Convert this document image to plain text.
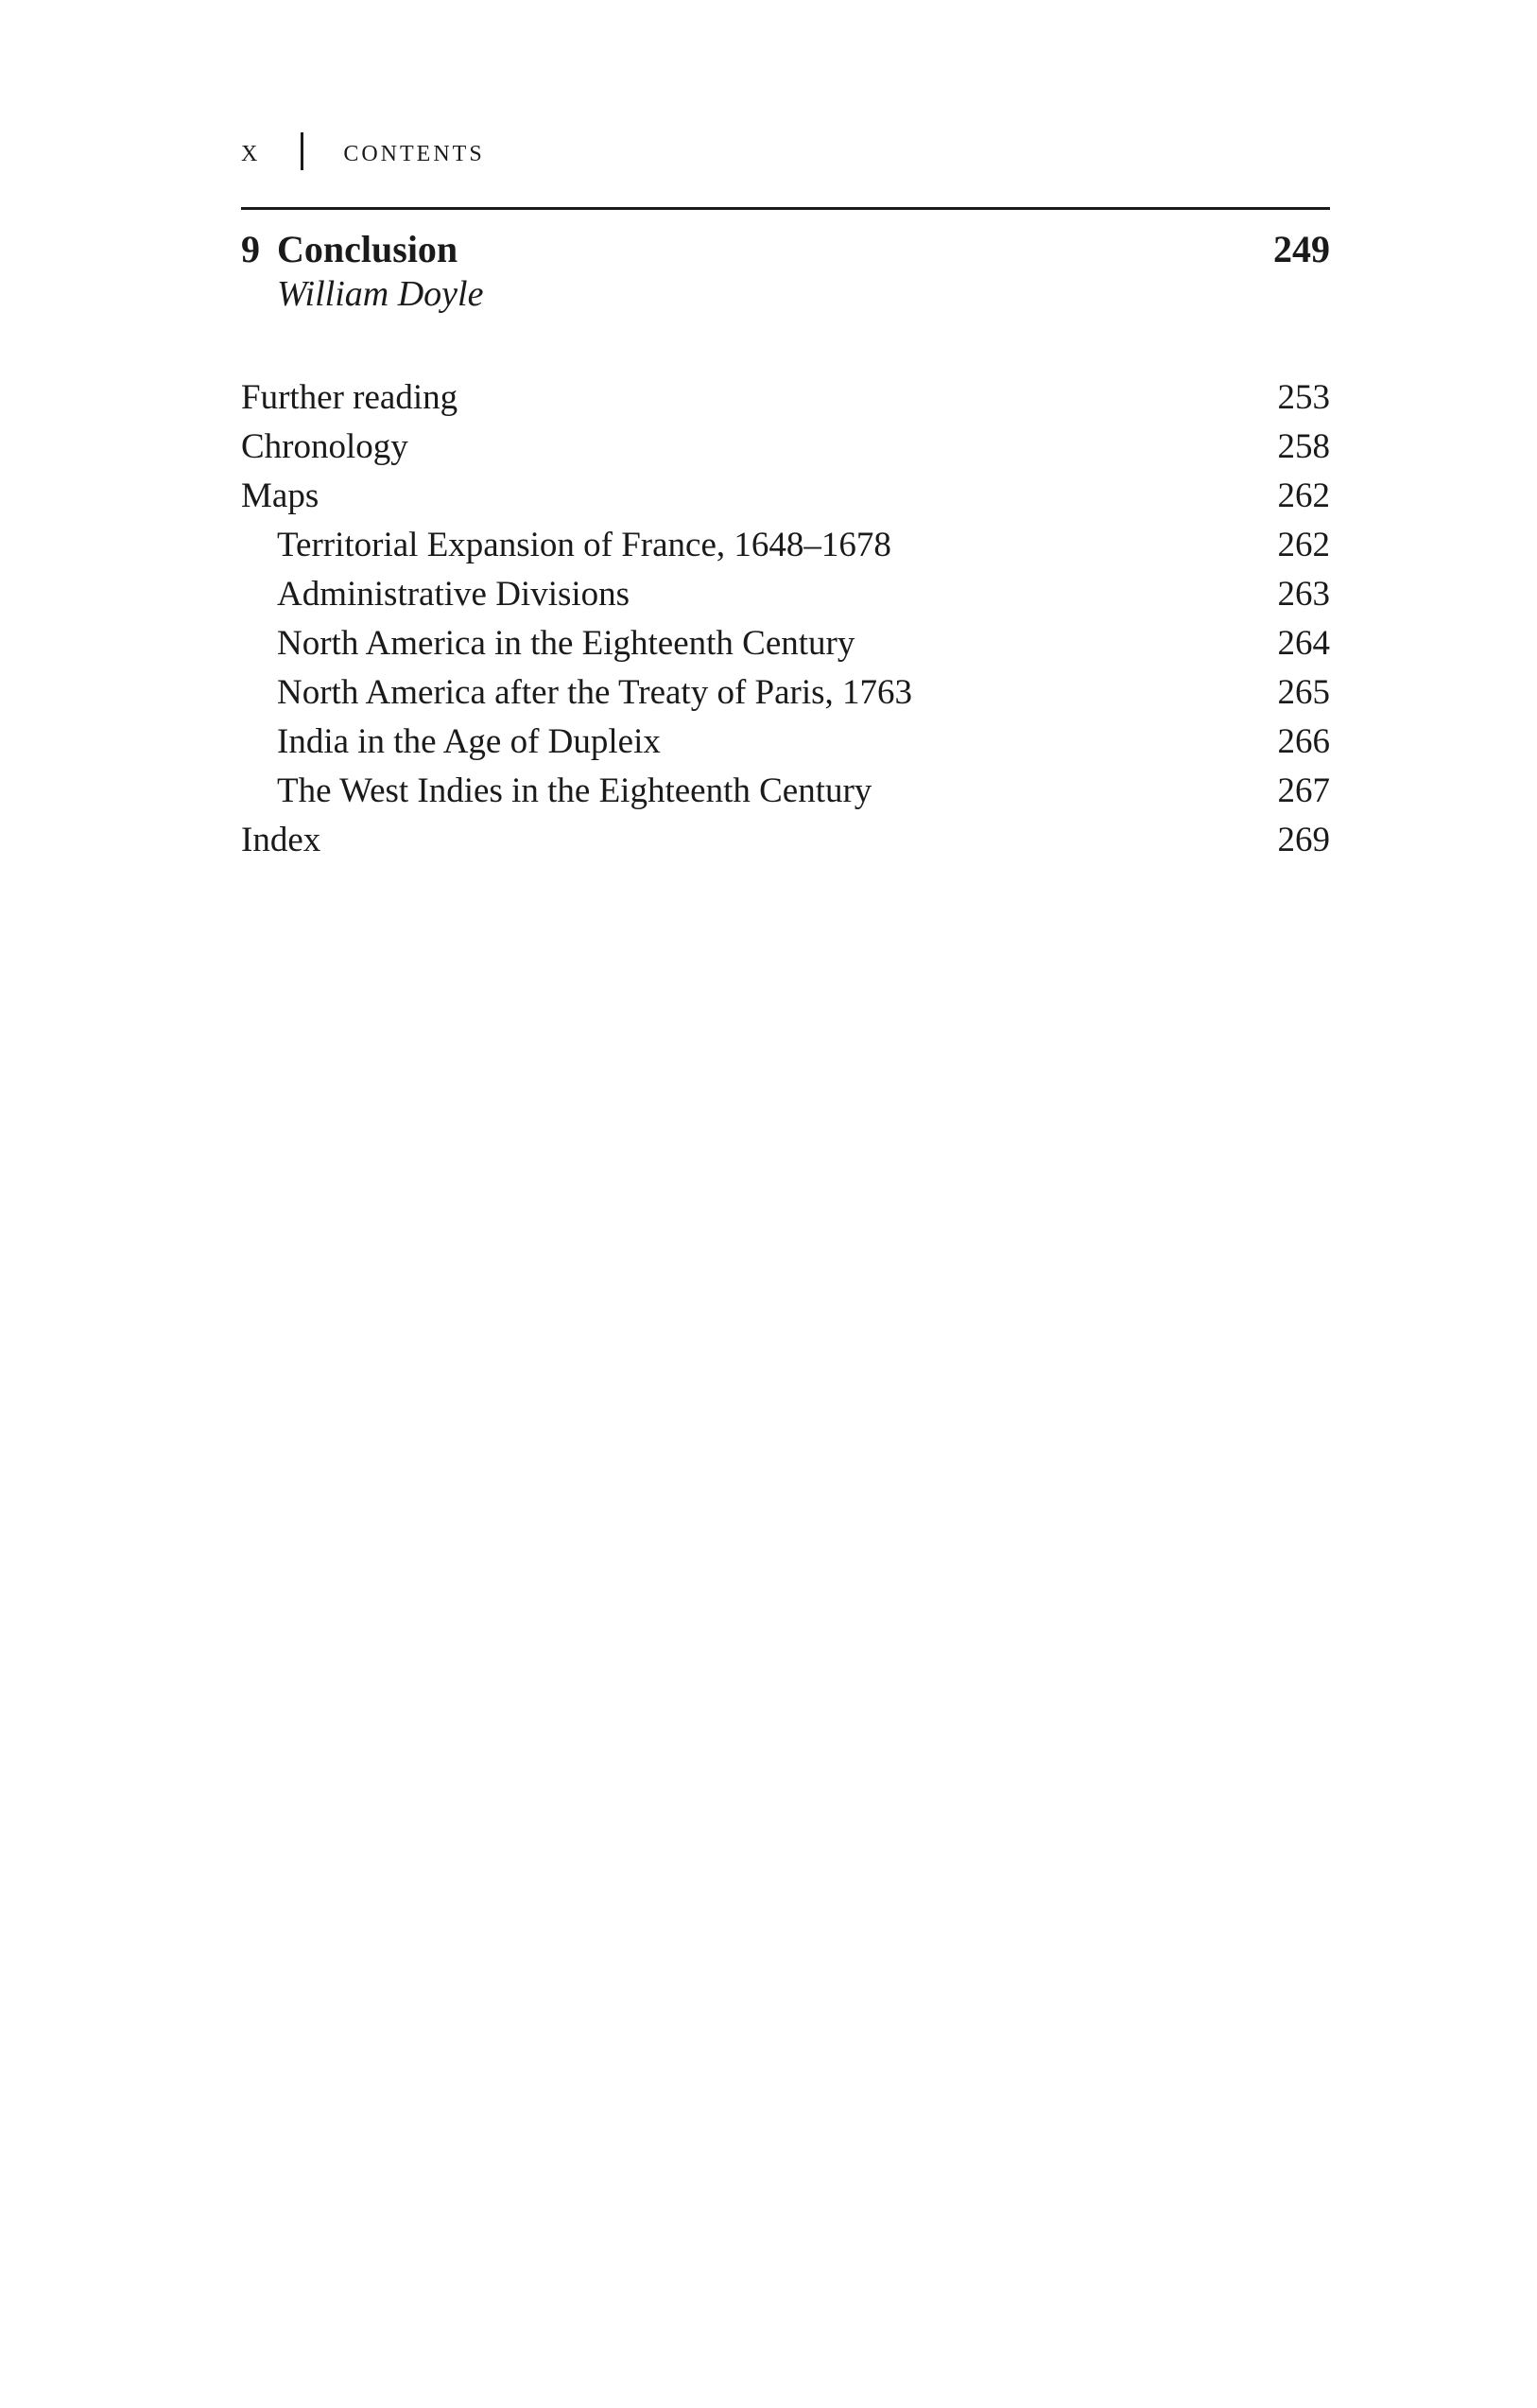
x	contents
9 Conclusion	249
William Doyle
Further reading	253
Chronology	258
Maps	262
Territorial Expansion of France, 1648–1678	262
Administrative Divisions	263
North America in the Eighteenth Century	264
North America after the Treaty of Paris, 1763	265
India in the Age of Dupleix	266
The West Indies in the Eighteenth Century	267
Index	269
